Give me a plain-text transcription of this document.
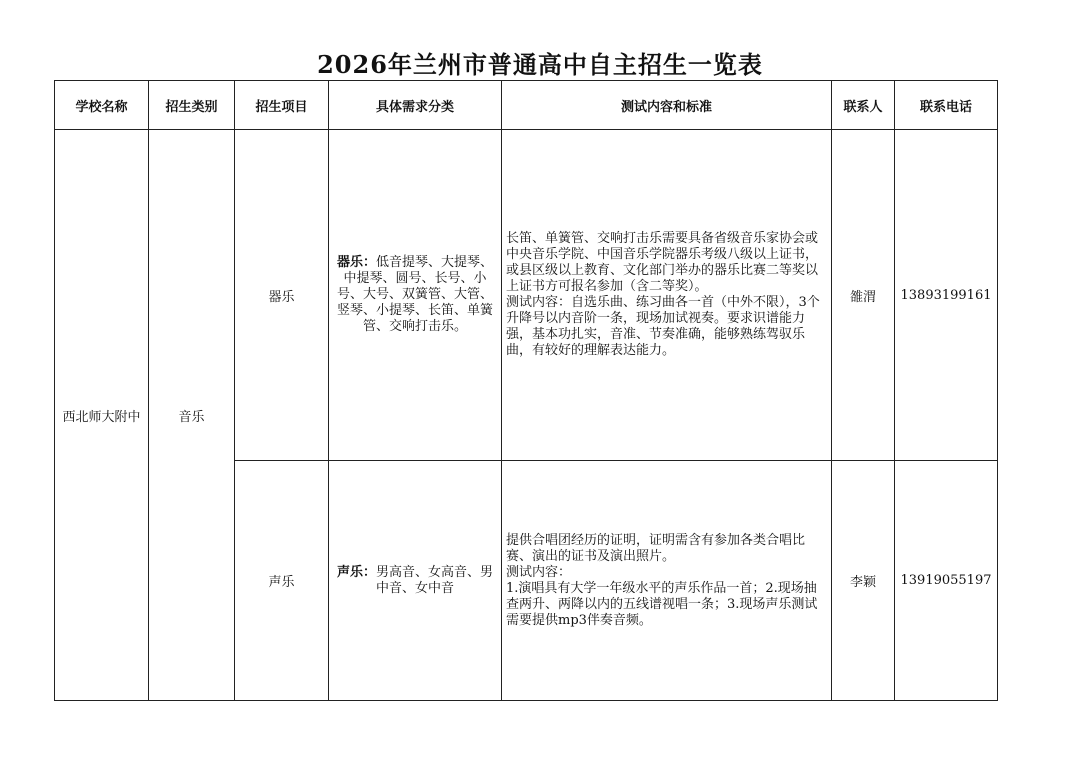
2026年兰州市普通高中自主招生一览表
学校名称	招生类别	招生项目	具体需求分类	测试内容和标准	联系人	联系电话
西北师大附中	音乐	器乐	器乐：低音提琴、大提琴、中提琴、圆号、长号、小号、大号、双簧管、大管、竖琴、小提琴、长笛、单簧管、交响打击乐。	长笛、单簧管、交响打击乐需要具备省级音乐家协会或中央音乐学院、中国音乐学院器乐考级八级以上证书，或县区级以上教育、文化部门举办的器乐比赛二等奖以上证书方可报名参加（含二等奖）。
测试内容：自选乐曲、练习曲各一首（中外不限），3个升降号以内音阶一条，现场加试视奏。要求识谱能力强，基本功扎实，音准、节奏准确，能够熟练驾驭乐曲，有较好的理解表达能力。	雒渭	13893199161
		声乐	声乐：男高音、女高音、男中音、女中音	提供合唱团经历的证明，证明需含有参加各类合唱比赛、演出的证书及演出照片。
测试内容：
1.演唱具有大学一年级水平的声乐作品一首；2.现场抽查两升、两降以内的五线谱视唱一条；3.现场声乐测试需要提供mp3伴奏音频。	李颖	13919055197
